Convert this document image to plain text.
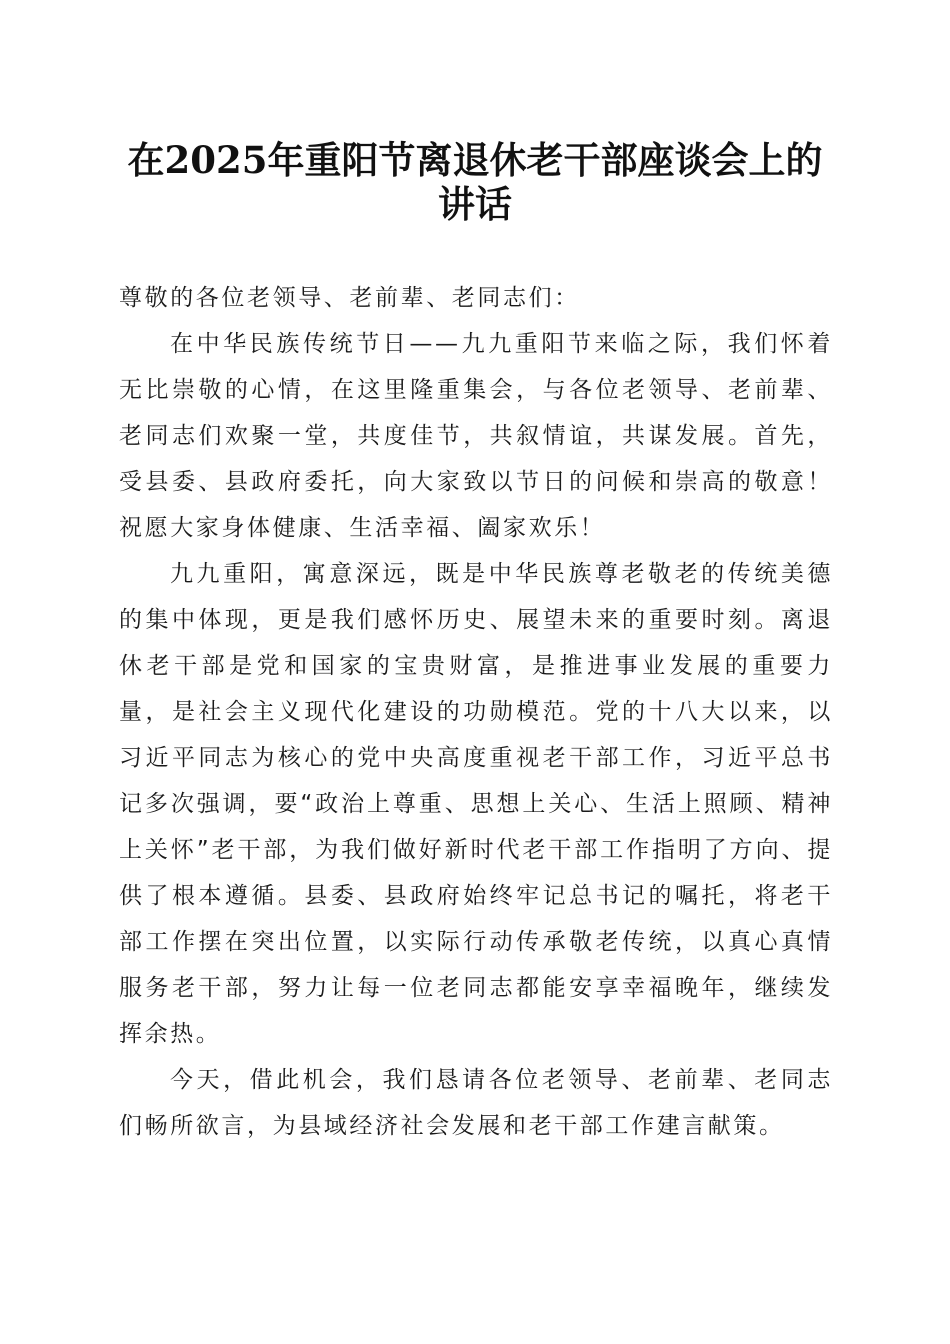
在2025年重阳节离退休老干部座谈会上的讲话

尊敬的各位老领导、老前辈、老同志们：

在中华民族传统节日——九九重阳节来临之际，我们怀着无比崇敬的心情，在这里隆重集会，与各位老领导、老前辈、老同志们欢聚一堂，共度佳节，共叙情谊，共谋发展。首先，受县委、县政府委托，向大家致以节日的问候和崇高的敬意！祝愿大家身体健康、生活幸福、阖家欢乐！

九九重阳，寓意深远，既是中华民族尊老敬老的传统美德的集中体现，更是我们感怀历史、展望未来的重要时刻。离退休老干部是党和国家的宝贵财富，是推进事业发展的重要力量，是社会主义现代化建设的功勋模范。党的十八大以来，以习近平同志为核心的党中央高度重视老干部工作，习近平总书记多次强调，要“政治上尊重、思想上关心、生活上照顾、精神上关怀”老干部，为我们做好新时代老干部工作指明了方向、提供了根本遵循。县委、县政府始终牢记总书记的嘱托，将老干部工作摆在突出位置，以实际行动传承敬老传统，以真心真情服务老干部，努力让每一位老同志都能安享幸福晚年，继续发挥余热。

今天，借此机会，我们恳请各位老领导、老前辈、老同志们畅所欲言，为县域经济社会发展和老干部工作建言献策。
